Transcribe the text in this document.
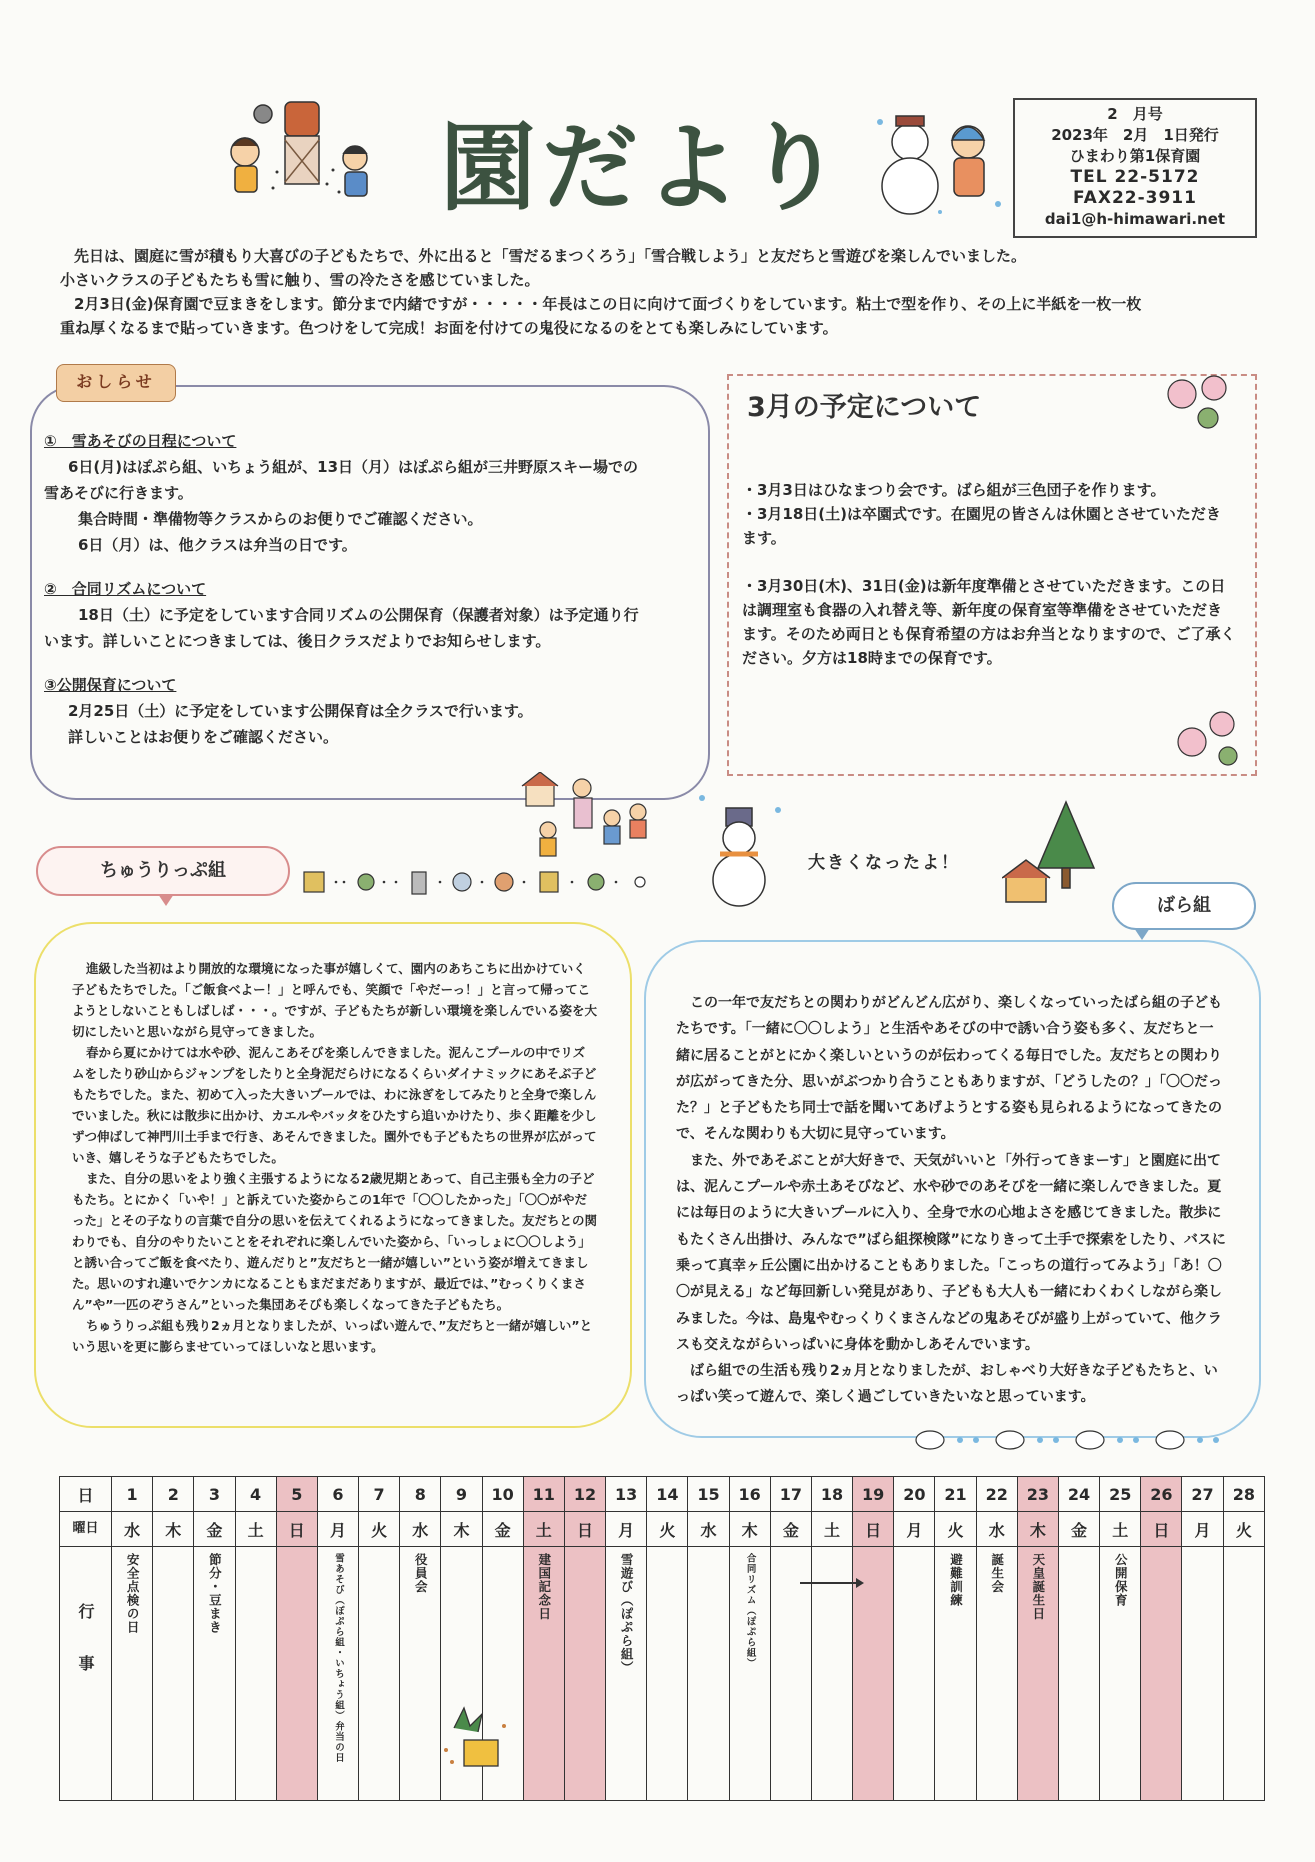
園だより	2　月号
2023年　2月　1日発行
ひまわり第1保育園
TEL 22-5172
FAX22-3911
dai1@h-himawari.net

先日は、園庭に雪が積もり大喜びの子どもたちで、外に出ると「雪だるまつくろう」「雪合戦しよう」と友だちと雪遊びを楽しんでいました。

小さいクラスの子どもたちも雪に触り、雪の冷たさを感じていました。

2月3日(金)保育園で豆まきをします。節分まで内緒ですが・・・・・年長はこの日に向けて面づくりをしています。粘土で型を作り、その上に半紙を一枚一枚

重ね厚くなるまで貼っていきます。色つけをして完成！お面を付けての鬼役になるのをとても楽しみにしています。

おしらせ
①　雪あそびの日程について
6日(月)はぽぷら組、いちょう組が、13日（月）はぽぷら組が三井野原スキー場での
雪あそびに行きます。
集合時間・準備物等クラスからのお便りでご確認ください。
6日（月）は、他クラスは弁当の日です。
②　合同リズムについて
18日（土）に予定をしています合同リズムの公開保育（保護者対象）は予定通り行
います。詳しいことにつきましては、後日クラスだよりでお知らせします。
③公開保育について
2月25日（土）に予定をしています公開保育は全クラスで行います。
詳しいことはお便りをご確認ください。
3月の予定について

・3月3日はひなまつり会です。ばら組が三色団子を作ります。

・3月18日(土)は卒園式です。在園児の皆さんは休園とさせていただき

ます。

・3月30日(木)、31日(金)は新年度準備とさせていただきます。この日

は調理室も食器の入れ替え等、新年度の保育室等準備をさせていただき

ます。そのため両日とも保育希望の方はお弁当となりますので、ご了承く

ださい。夕方は18時までの保育です。

大きくなったよ！
ちゅうりっぷ組

進級した当初はより開放的な環境になった事が嬉しくて、園内のあちこちに出かけていく子どもたちでした。「ご飯食べよー！」と呼んでも、笑顔で「やだーっ！」と言って帰ってこようとしないこともしばしば・・・。ですが、子どもたちが新しい環境を楽しんでいる姿を大切にしたいと思いながら見守ってきました。

春から夏にかけては水や砂、泥んこあそびを楽しんできました。泥んこプールの中でリズムをしたり砂山からジャンプをしたりと全身泥だらけになるくらいダイナミックにあそぶ子どもたちでした。また、初めて入った大きいプールでは、わに泳ぎをしてみたりと全身で楽しんでいました。秋には散歩に出かけ、カエルやバッタをひたすら追いかけたり、歩く距離を少しずつ伸ばして神門川土手まで行き、あそんできました。園外でも子どもたちの世界が広がっていき、嬉しそうな子どもたちでした。

また、自分の思いをより強く主張するようになる2歳児期とあって、自己主張も全力の子どもたち。とにかく「いや！」と訴えていた姿からこの1年で「〇〇したかった」「〇〇がやだった」とその子なりの言葉で自分の思いを伝えてくれるようになってきました。友だちとの関わりでも、自分のやりたいことをそれぞれに楽しんでいた姿から、「いっしょに〇〇しよう」と誘い合ってご飯を食べたり、遊んだりと”友だちと一緒が嬉しい”という姿が増えてきました。思いのすれ違いでケンカになることもまだまだありますが、最近では、”むっくりくまさん”や”一匹のぞうさん”といった集団あそびも楽しくなってきた子どもたち。

ちゅうりっぷ組も残り2ヵ月となりましたが、いっぱい遊んで、”友だちと一緒が嬉しい”という思いを更に膨らませていってほしいなと思います。

ばら組

この一年で友だちとの関わりがどんどん広がり、楽しくなっていったばら組の子どもたちです。「一緒に〇〇しよう」と生活やあそびの中で誘い合う姿も多く、友だちと一緒に居ることがとにかく楽しいというのが伝わってくる毎日でした。友だちとの関わりが広がってきた分、思いがぶつかり合うこともありますが、「どうしたの？」「〇〇だった？」と子どもたち同士で話を聞いてあげようとする姿も見られるようになってきたので、そんな関わりも大切に見守っています。

また、外であそぶことが大好きで、天気がいいと「外行ってきまーす」と園庭に出ては、泥んこプールや赤土あそびなど、水や砂でのあそびを一緒に楽しんできました。夏には毎日のように大きいプールに入り、全身で水の心地よさを感じてきました。散歩にもたくさん出掛け、みんなで”ばら組探検隊”になりきって土手で探索をしたり、バスに乗って真幸ヶ丘公園に出かけることもありました。「こっちの道行ってみよう」「あ！〇〇が見える」など毎回新しい発見があり、子どもも大人も一緒にわくわくしながら楽しみました。今は、島鬼やむっくりくまさんなどの鬼あそびが盛り上がっていて、他クラスも交えながらいっぱいに身体を動かしあそんでいます。

ばら組での生活も残り2ヵ月となりましたが、おしゃべり大好きな子どもたちと、いっぱい笑って遊んで、楽しく過ごしていきたいなと思っています。

日	1	2	3	4	5	6	7	8	9	10	11	12	13	14	15	16	17	18	19	20	21	22	23	24	25	26	27	28
曜日	水	木	金	土	日	月	火	水	木	金	土	日	月	火	水	木	金	土	日	月	火	水	木	金	土	日	月	火
行事	安全点検の日		節分・豆まき			雪あそび（ぽぷら組・いちょう組）弁当の日		役員会			建国記念日		雪遊び（ぽぷら組）			合同リズム（ぽぷら組）					避難訓練	誕生会	天皇誕生日		公開保育			
